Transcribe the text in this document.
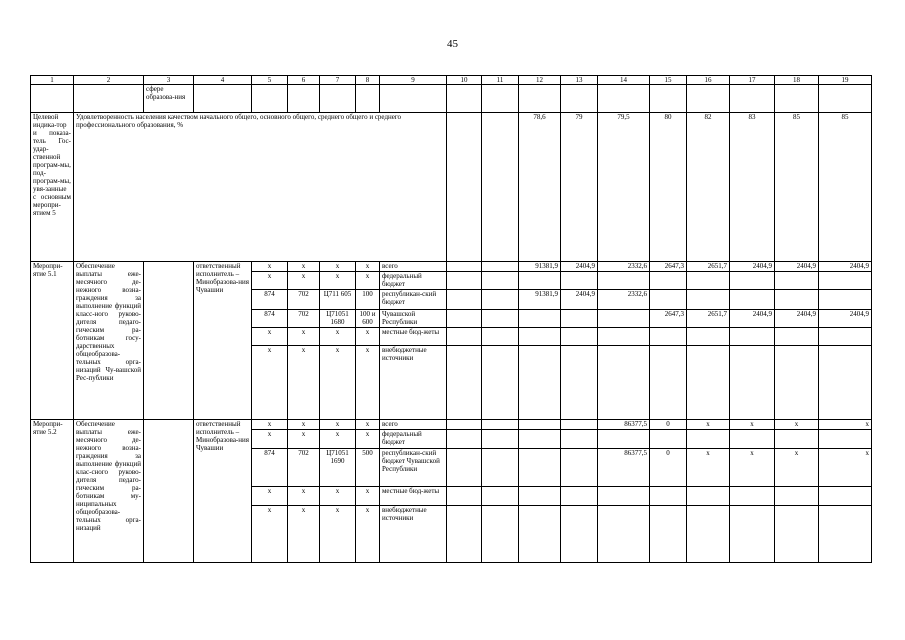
45
1	2	3	4	5	6	7	8	9	10	11	12	13	14	15	16	17	18	19
		сфере образова-ния																
Целевой индика-тор и показа-тель Гос-удар-ственной програм-мы, под-програм-мы, увя-занные с основным меропри-ятием 5	Удовлетворенность населения качеством начального общего, основного общего, среднего общего и среднего профессионального образования, %										78,6	79	79,5	80	82	83	85	85
Меропри-ятие 5.1	Обеспечение выплаты еже-месячного де-нежного возна-граждения за выполнение функций класс-ного руково-дителя педаго-гическим ра-ботникам госу-дарственных общеобразова-тельных орга-низаций Чу-вашской Рес-публики		ответственный исполнитель – Минобразова-ния Чувашии	x	x	x	x	всего			91381,9	2404,9	2332,6	2647,3	2651,7	2404,9	2404,9	2404,9
				x	x	x	x	федеральный бюджет										
				874	702	Ц711 605	100	республикан-ский бюджет			91381,9	2404,9	2332,6					
				874	702	Ц71051 1680	100 и 600	Чувашской Республики						2647,3	2651,7	2404,9	2404,9	2404,9
				x	x	x	x	местные бюд-жеты										
				x	x	x	x	внебюджетные источники										
Меропри-ятие 5.2	Обеспечение выплаты еже-месячного де-нежного возна-граждения за выполнение функций клас-сного руково-дителя педаго-гическим ра-ботникам му-ниципальных общеобразова-тельных орга-низаций		ответственный исполнитель – Минобразова-ния Чувашии	x	x	x	x	всего					86377,5	0	x	x	x	x
				x	x	x	x	федеральный бюджет										
				874	702	Ц71051 1690	500	республикан-ский бюджет Чувашской Республики					86377,5	0	x	x	x	x
				x	x	x	x	местные бюд-жеты										
				x	x	x	x	внебюджетные источники										
